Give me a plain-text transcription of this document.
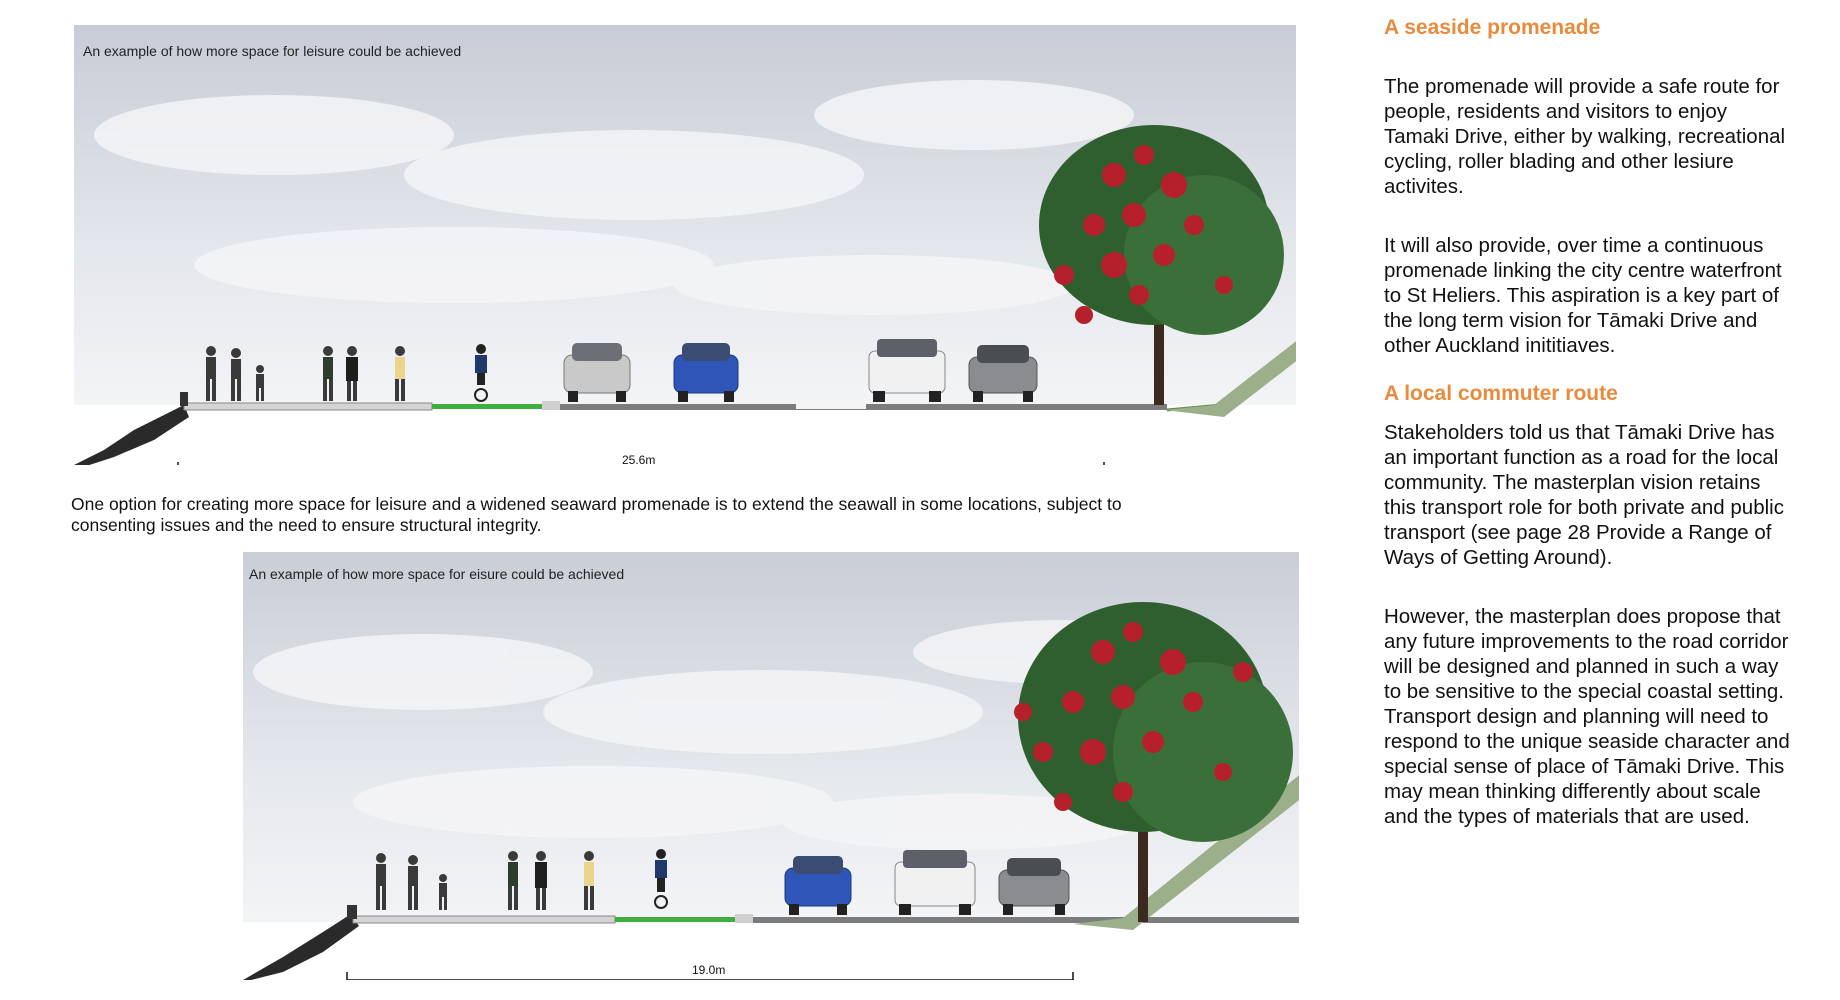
An example of how more space for leisure could be achieved
25.6m
One option for creating more space for leisure and a widened seaward promenade is to extend the seawall in some locations, subject to consenting issues and the need to ensure structural integrity.
An example of how more space for eisure could be achieved
19.0m
A seaside promenade

The promenade will provide a safe route for people, residents and visitors to enjoy Tamaki Drive, either by walking, recreational cycling, roller blading and other lesiure activites.

It will also provide, over time a continuous promenade linking the city centre waterfront to St Heliers. This aspiration is a key part of the long term vision for Tāmaki Drive and other Auckland inititiaves.

A local commuter route

Stakeholders told us that Tāmaki Drive has an important function as a road for the local community. The masterplan vision retains this transport role for both private and public transport (see page 28 Provide a Range of Ways of Getting Around).

However, the masterplan does propose that any future improvements to the road corridor will be designed and planned in such a way to be sensitive to the special coastal setting. Transport design and planning will need to respond to the unique seaside character and special sense of place of Tāmaki Drive. This may mean thinking differently about scale and the types of materials that are used.
